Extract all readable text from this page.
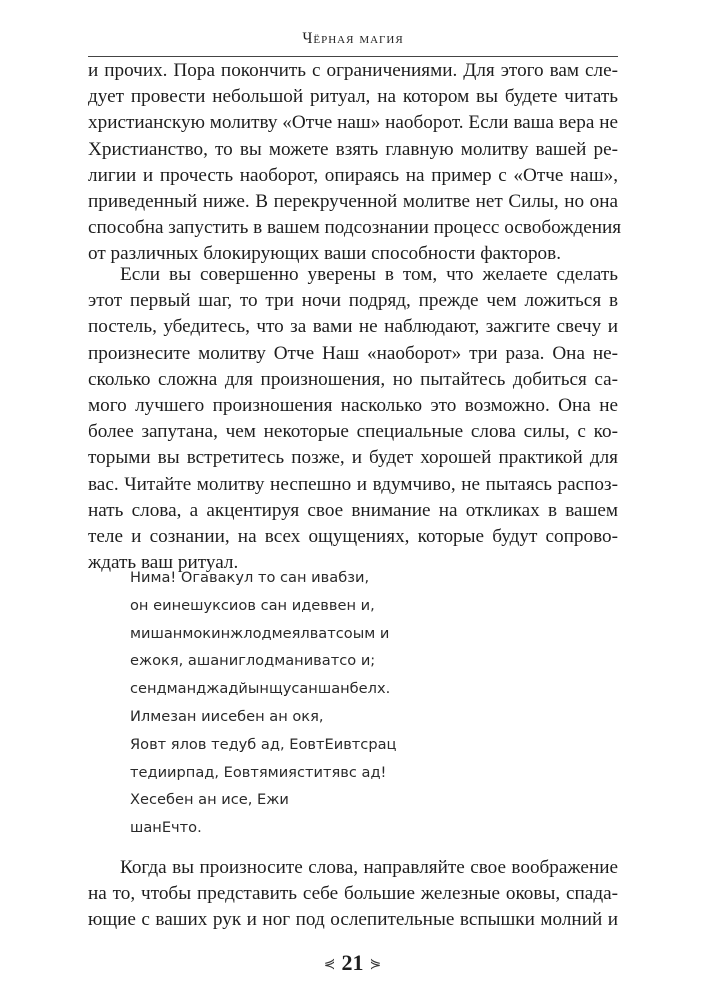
Чёрная магия
и прочих. Пора покончить с ограничениями. Для этого вам сле-
дует провести небольшой ритуал, на котором вы будете читать
христианскую молитву «Отче наш» наоборот. Если ваша вера не
Христианство, то вы можете взять главную молитву вашей ре-
лигии и прочесть наоборот, опираясь на пример с «Отче наш»,
приведенный ниже. В перекрученной молитве нет Силы, но она
способна запустить в вашем подсознании процесс освобождения
от различных блокирующих ваши способности факторов.
Если вы совершенно уверены в том, что желаете сделать
этот первый шаг, то три ночи подряд, прежде чем ложиться в
постель, убедитесь, что за вами не наблюдают, зажгите свечу и
произнесите молитву Отче Наш «наоборот» три раза. Она не-
сколько сложна для произношения, но пытайтесь добиться са-
мого лучшего произношения насколько это возможно. Она не
более запутана, чем некоторые специальные слова силы, с ко-
торыми вы встретитесь позже, и будет хорошей практикой для
вас. Читайте молитву неспешно и вдумчиво, не пытаясь распоз-
нать слова, а акцентируя свое внимание на откликах в вашем
теле и сознании, на всех ощущениях, которые будут сопрово-
ждать ваш ритуал.
Нима! Огавакул то сан ивабзи,
он еинешуксиов сан идеввен и,
мишанмокинжлодмеялватсоым и
ежокя, ашаниглодманиватсо и;
сендманджадйынщусаншанбелх.
Илмезан иисебен ан окя,
Яовт ялов тедуб ад, ЕовтЕивтсрац
тедиирпад, Еовтямияститявс ад!
Хесебен ан исе, Ежи
шанЕчто.
Когда вы произносите слова, направляйте свое воображение
на то, чтобы представить себе большие железные оковы, спада-
ющие с ваших рук и ног под ослепительные вспышки молний и
⋞ 21 ⋟
